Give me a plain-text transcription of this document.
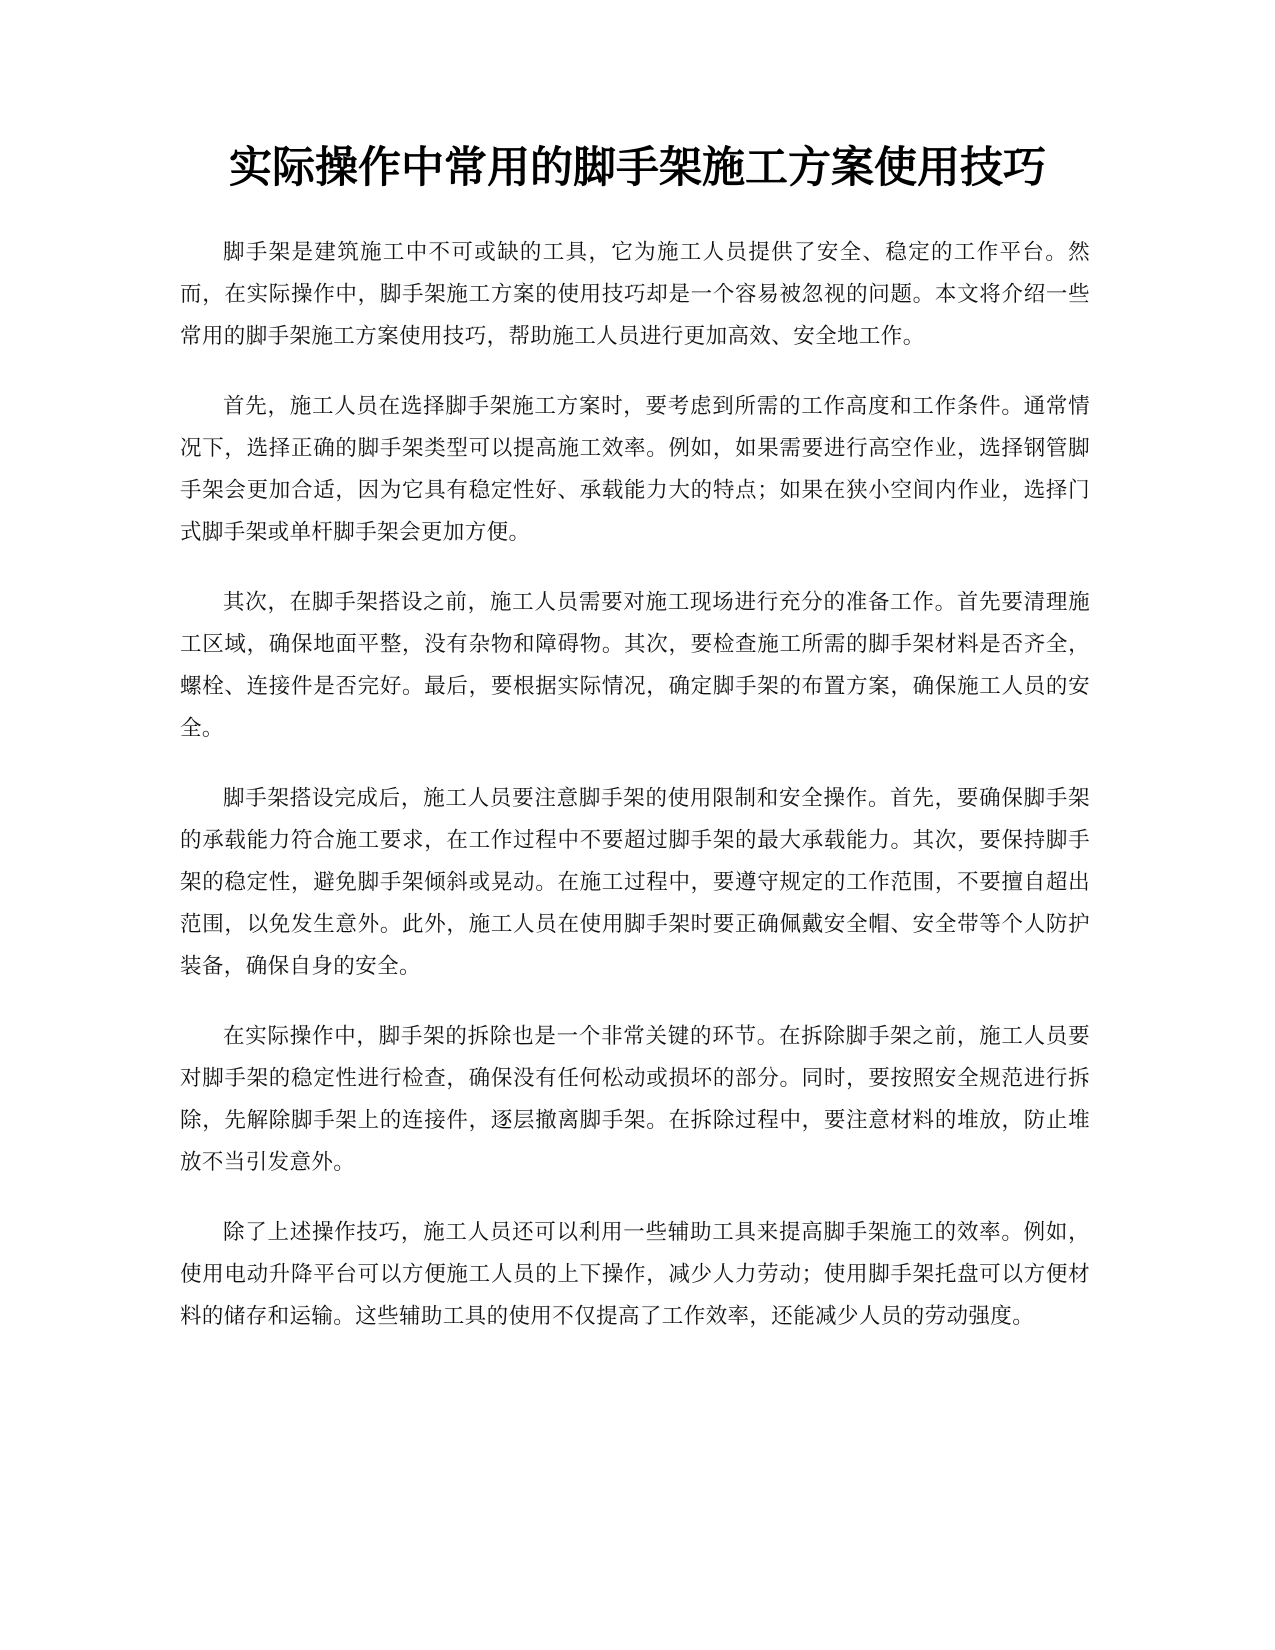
实际操作中常用的脚手架施工方案使用技巧

脚手架是建筑施工中不可或缺的工具，它为施工人员提供了安全、稳定的工作平台。然而，在实际操作中，脚手架施工方案的使用技巧却是一个容易被忽视的问题。本文将介绍一些常用的脚手架施工方案使用技巧，帮助施工人员进行更加高效、安全地工作。

首先，施工人员在选择脚手架施工方案时，要考虑到所需的工作高度和工作条件。通常情况下，选择正确的脚手架类型可以提高施工效率。例如，如果需要进行高空作业，选择钢管脚手架会更加合适，因为它具有稳定性好、承载能力大的特点；如果在狭小空间内作业，选择门式脚手架或单杆脚手架会更加方便。

其次，在脚手架搭设之前，施工人员需要对施工现场进行充分的准备工作。首先要清理施工区域，确保地面平整，没有杂物和障碍物。其次，要检查施工所需的脚手架材料是否齐全，螺栓、连接件是否完好。最后，要根据实际情况，确定脚手架的布置方案，确保施工人员的安全。

脚手架搭设完成后，施工人员要注意脚手架的使用限制和安全操作。首先，要确保脚手架的承载能力符合施工要求，在工作过程中不要超过脚手架的最大承载能力。其次，要保持脚手架的稳定性，避免脚手架倾斜或晃动。在施工过程中，要遵守规定的工作范围，不要擅自超出范围，以免发生意外。此外，施工人员在使用脚手架时要正确佩戴安全帽、安全带等个人防护装备，确保自身的安全。

在实际操作中，脚手架的拆除也是一个非常关键的环节。在拆除脚手架之前，施工人员要对脚手架的稳定性进行检查，确保没有任何松动或损坏的部分。同时，要按照安全规范进行拆除，先解除脚手架上的连接件，逐层撤离脚手架。在拆除过程中，要注意材料的堆放，防止堆放不当引发意外。

除了上述操作技巧，施工人员还可以利用一些辅助工具来提高脚手架施工的效率。例如，使用电动升降平台可以方便施工人员的上下操作，减少人力劳动；使用脚手架托盘可以方便材料的储存和运输。这些辅助工具的使用不仅提高了工作效率，还能减少人员的劳动强度。
